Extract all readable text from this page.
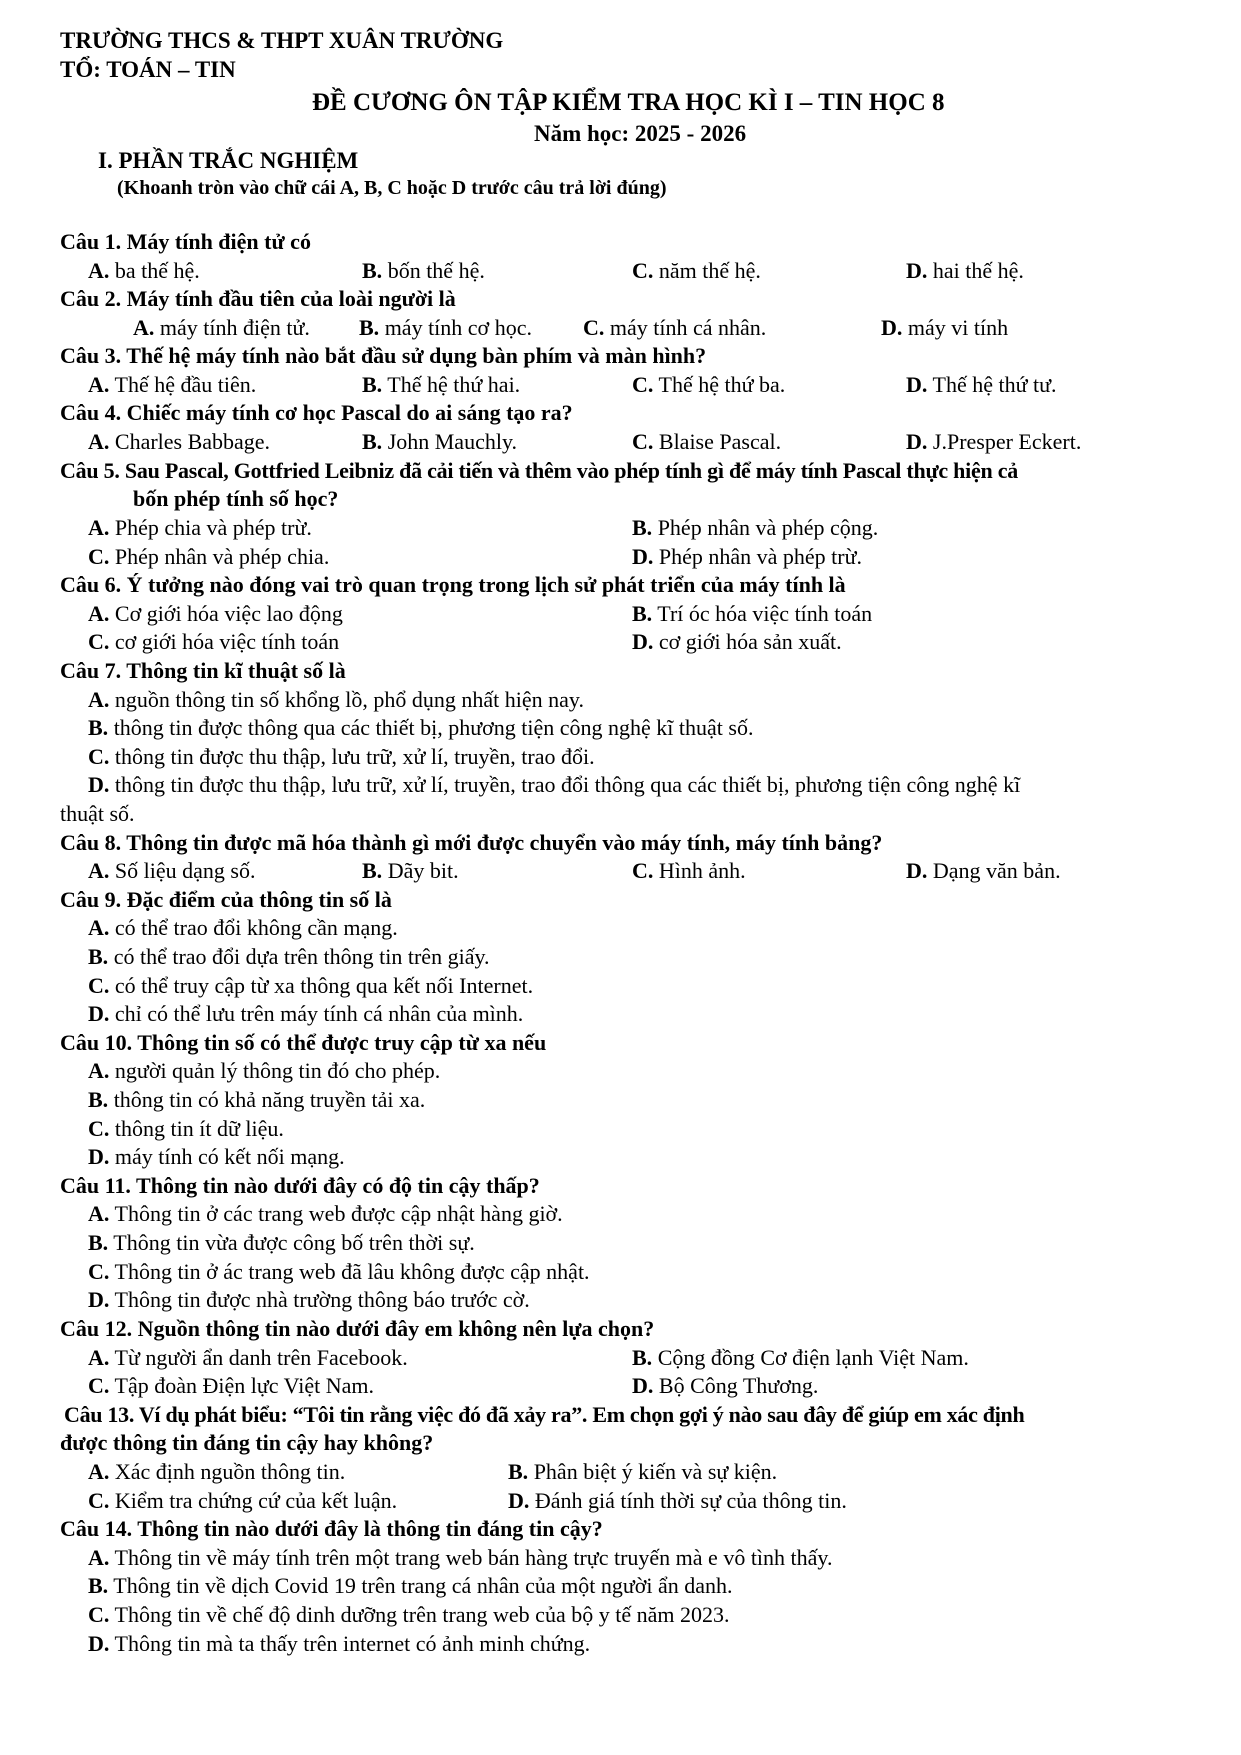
TRƯỜNG THCS & THPT XUÂN TRƯỜNG
TỔ: TOÁN – TIN
ĐỀ CƯƠNG ÔN TẬP KIỂM TRA HỌC KÌ I – TIN HỌC 8
Năm học: 2025 - 2026
I. PHẦN TRẮC NGHIỆM
(Khoanh tròn vào chữ cái A, B, C hoặc D trước câu trả lời đúng)
Câu 1. Máy tính điện tử có
A. ba thế hệ.	B. bốn thế hệ.	C. năm thế hệ.	D. hai thế hệ.
Câu 2. Máy tính đầu tiên của loài người là
A. máy tính điện tử. B. máy tính cơ học. C. máy tính cá nhân.	D. máy vi tính
Câu 3. Thế hệ máy tính nào bắt đầu sử dụng bàn phím và màn hình?
A. Thế hệ đầu tiên.	B. Thế hệ thứ hai.	C. Thế hệ thứ ba.	D. Thế hệ thứ tư.
Câu 4. Chiếc máy tính cơ học Pascal do ai sáng tạo ra?
A. Charles Babbage.	B. John Mauchly.	C. Blaise Pascal.	D. J.Presper Eckert.
Câu 5. Sau Pascal, Gottfried Leibniz đã cải tiến và thêm vào phép tính gì để máy tính Pascal thực hiện cả
bốn phép tính số học?
A. Phép chia và phép trừ.	B. Phép nhân và phép cộng.
C. Phép nhân và phép chia.	D. Phép nhân và phép trừ.
Câu 6. Ý tưởng nào đóng vai trò quan trọng trong lịch sử phát triển của máy tính là
A. Cơ giới hóa việc lao động	B. Trí óc hóa việc tính toán
C. cơ giới hóa việc tính toán	D. cơ giới hóa sản xuất.
Câu 7. Thông tin kĩ thuật số là
A. nguồn thông tin số khổng lồ, phổ dụng nhất hiện nay.
B. thông tin được thông qua các thiết bị, phương tiện công nghệ kĩ thuật số.
C. thông tin được thu thập, lưu trữ, xử lí, truyền, trao đổi.
D. thông tin được thu thập, lưu trữ, xử lí, truyền, trao đổi thông qua các thiết bị, phương tiện công nghệ kĩ
thuật số.
Câu 8. Thông tin được mã hóa thành gì mới được chuyển vào máy tính, máy tính bảng?
A. Số liệu dạng số.	B. Dãy bit.	C. Hình ảnh.	D. Dạng văn bản.
Câu 9. Đặc điểm của thông tin số là
A. có thể trao đổi không cần mạng.
B. có thể trao đổi dựa trên thông tin trên giấy.
C. có thể truy cập từ xa thông qua kết nối Internet.
D. chỉ có thể lưu trên máy tính cá nhân của mình.
Câu 10. Thông tin số có thể được truy cập từ xa nếu
A. người quản lý thông tin đó cho phép.
B. thông tin có khả năng truyền tải xa.
C. thông tin ít dữ liệu.
D. máy tính có kết nối mạng.
Câu 11. Thông tin nào dưới đây có độ tin cậy thấp?
A. Thông tin ở các trang web được cập nhật hàng giờ.
B. Thông tin vừa được công bố trên thời sự.
C. Thông tin ở ác trang web đã lâu không được cập nhật.
D. Thông tin được nhà trường thông báo trước cờ.
Câu 12. Nguồn thông tin nào dưới đây em không nên lựa chọn?
A. Từ người ẩn danh trên Facebook.	B. Cộng đồng Cơ điện lạnh Việt Nam.
C. Tập đoàn Điện lực Việt Nam.	D. Bộ Công Thương.
Câu 13. Ví dụ phát biểu: “Tôi tin rằng việc đó đã xảy ra”. Em chọn gợi ý nào sau đây để giúp em xác định
được thông tin đáng tin cậy hay không?
A. Xác định nguồn thông tin.	B. Phân biệt ý kiến và sự kiện.
C. Kiểm tra chứng cứ của kết luận.	D. Đánh giá tính thời sự của thông tin.
Câu 14. Thông tin nào dưới đây là thông tin đáng tin cậy?
A. Thông tin về máy tính trên một trang web bán hàng trực truyến mà e vô tình thấy.
B. Thông tin về dịch Covid 19 trên trang cá nhân của một người ẩn danh.
C. Thông tin về chế độ dinh dưỡng trên trang web của bộ y tế năm 2023.
D. Thông tin mà ta thấy trên internet có ảnh minh chứng.
